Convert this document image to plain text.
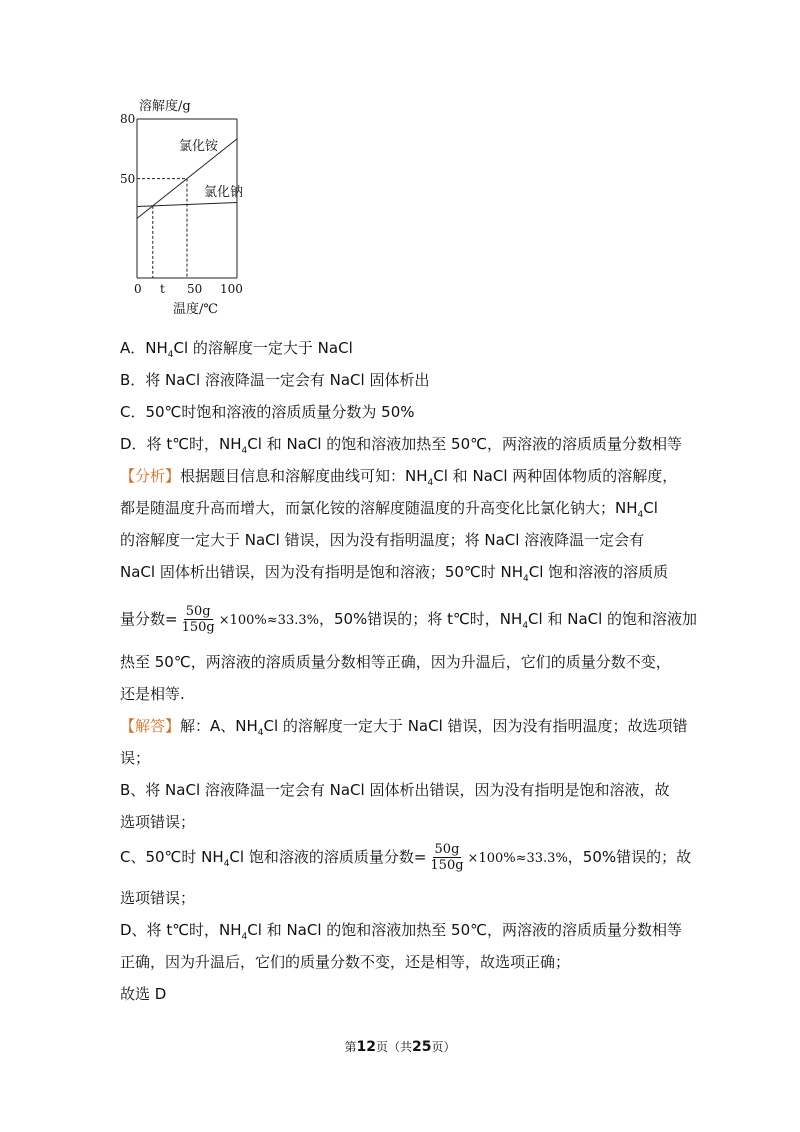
溶解度/g
80
50
氯化铵
氯化钠
0 t 50 100
温度/℃
A．$NH_4Cl$ 的溶解度一定大于 NaCl
B．将 NaCl 溶液降温一定会有 NaCl 固体析出
C．50℃时饱和溶液的溶质质量分数为 50%
D．将 t℃时，$NH_4Cl$ 和 NaCl 的饱和溶液加热至 50℃，两溶液的溶质质量分数相等
【分析】根据题目信息和溶解度曲线可知：$NH_4Cl$ 和 NaCl 两种固体物质的溶解度，
都是随温度升高而增大，而氯化铵的溶解度随温度的升高变化比氯化钠大；$NH_4Cl$
的溶解度一定大于 NaCl 错误，因为没有指明温度；将 NaCl 溶液降温一定会有
NaCl 固体析出错误，因为没有指明是饱和溶液；50℃时 $NH_4Cl$ 饱和溶液的溶质质
量分数= $\frac{50g}{150g} \times 100\%\approx 33.3\%$，50%错误的；将 t℃时，$NH_4Cl$ 和 NaCl 的饱和溶液加
热至 50℃，两溶液的溶质质量分数相等正确，因为升温后，它们的质量分数不变，
还是相等.
【解答】解：A、$NH_4Cl$ 的溶解度一定大于 NaCl 错误，因为没有指明温度；故选项错
误；
B、将 NaCl 溶液降温一定会有 NaCl 固体析出错误，因为没有指明是饱和溶液，故
选项错误；
C、50℃时 $NH_4Cl$ 饱和溶液的溶质质量分数= $\frac{50g}{150g} \times 100\%\approx 33.3\%$，50%错误的；故
选项错误；
D、将 t℃时，$NH_4Cl$ 和 NaCl 的饱和溶液加热至 50℃，两溶液的溶质质量分数相等
正确，因为升温后，它们的质量分数不变，还是相等，故选项正确；
故选 D
第12页（共25页）
